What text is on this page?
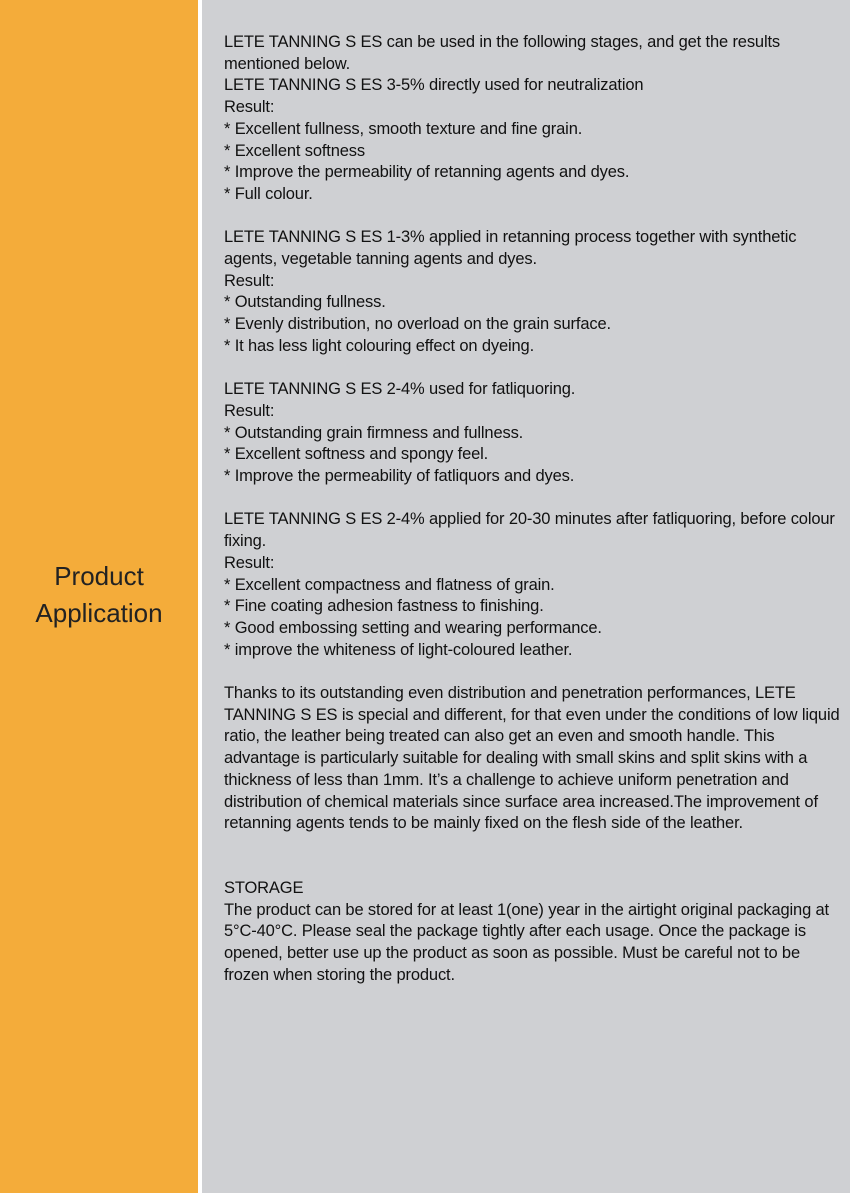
Product
Application

LETE TANNING S ES can be used in the following stages, and get the results mentioned below.

LETE TANNING S ES 3-5% directly used for neutralization

Result:

* Excellent fullness, smooth texture and fine grain.

* Excellent softness

* Improve the permeability of retanning agents and dyes.

* Full colour.

LETE TANNING S ES 1-3% applied in retanning process together with synthetic agents, vegetable tanning agents and dyes.

Result:

* Outstanding fullness.

* Evenly distribution, no overload on the grain surface.

* It has less light colouring effect on dyeing.

LETE TANNING S ES 2-4% used for fatliquoring.

Result:

* Outstanding grain firmness and fullness.

* Excellent softness and spongy feel.

* Improve the permeability of fatliquors and dyes.

LETE TANNING S ES 2-4% applied for 20-30 minutes after fatliquoring, before colour fixing.

Result:

* Excellent compactness and flatness of grain.

* Fine coating adhesion fastness to finishing.

* Good embossing setting and wearing performance.

* improve the whiteness of light-coloured leather.

Thanks to its outstanding even distribution and penetration performances, LETE TANNING S ES is special and different, for that even under the conditions of low liquid ratio, the leather being treated can also get an even and smooth handle. This advantage is particularly suitable for dealing with small skins and split skins with a thickness of less than 1mm. It’s a challenge to achieve uniform penetration and distribution of chemical materials since surface area increased.The improvement of retanning agents tends to be mainly fixed on the flesh side of the leather.

STORAGE

The product can be stored for at least 1(one) year in the airtight original packaging at 5°C-40°C. Please seal the package tightly after each usage. Once the package is opened, better use up the product as soon as possible. Must be careful not to be frozen when storing the product.
